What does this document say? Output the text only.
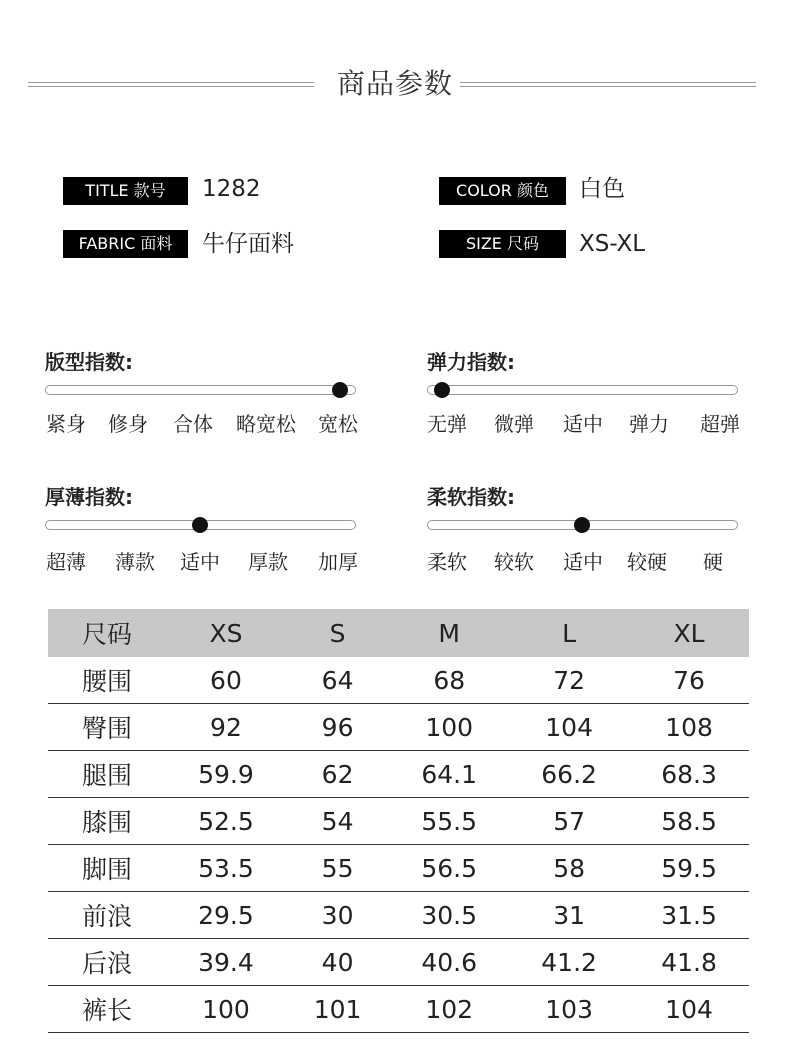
商品参数
TITLE 款号	1282	COLOR 颜色	白色
FABRIC 面料	牛仔面料	SIZE 尺码	XS-XL
版型指数:
紧身 修身 合体 略宽松 宽松
弹力指数:
无弹 微弹 适中 弹力 超弹
厚薄指数:
超薄 薄款 适中 厚款 加厚
柔软指数:
柔软 较软 适中 较硬 硬
尺码	XS	S	M	L	XL
腰围	60	64	68	72	76
臀围	92	96	100	104	108
腿围	59.9	62	64.1	66.2	68.3
膝围	52.5	54	55.5	57	58.5
脚围	53.5	55	56.5	58	59.5
前浪	29.5	30	30.5	31	31.5
后浪	39.4	40	40.6	41.2	41.8
裤长	100	101	102	103	104
